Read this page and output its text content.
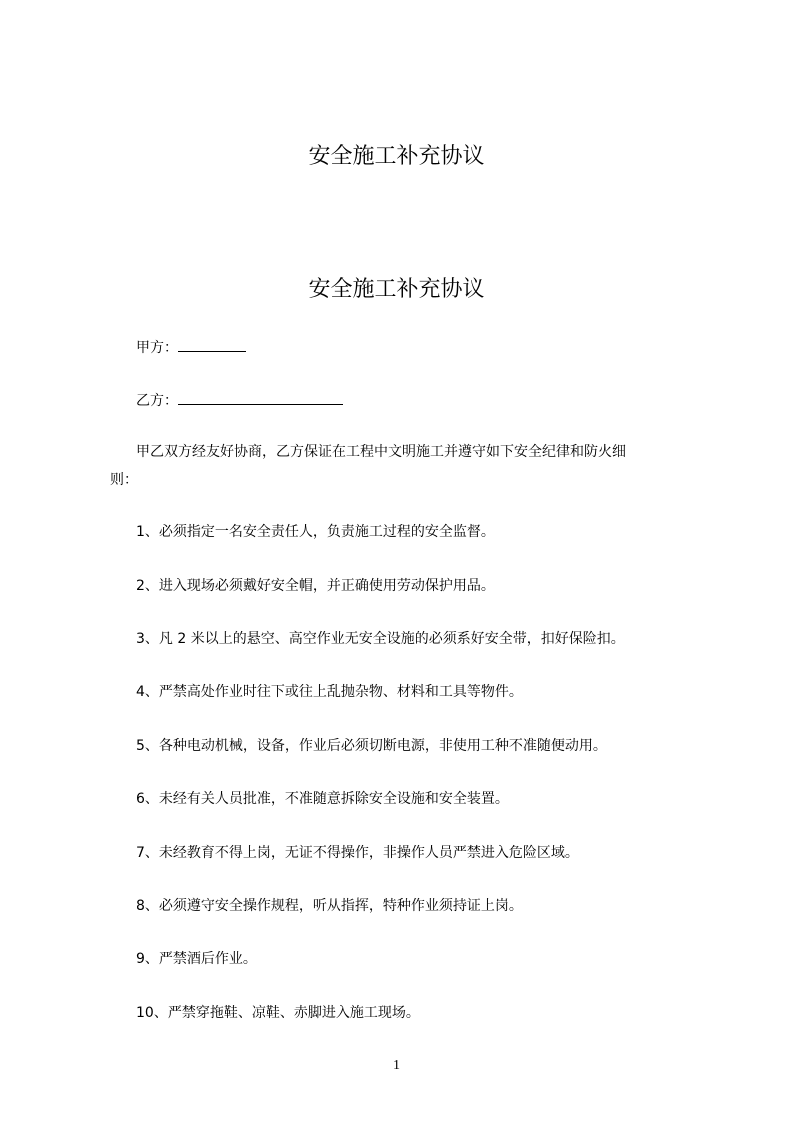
安全施工补充协议
安全施工补充协议
甲方：
乙方：
甲乙双方经友好协商，乙方保证在工程中文明施工并遵守如下安全纪律和防火细
则：
1、必须指定一名安全责任人，负责施工过程的安全监督。
2、进入现场必须戴好安全帽，并正确使用劳动保护用品。
3、凡 2 米以上的悬空、高空作业无安全设施的必须系好安全带，扣好保险扣。
4、严禁高处作业时往下或往上乱抛杂物、材料和工具等物件。
5、各种电动机械，设备，作业后必须切断电源，非使用工种不准随便动用。
6、未经有关人员批准，不准随意拆除安全设施和安全装置。
7、未经教育不得上岗，无证不得操作，非操作人员严禁进入危险区域。
8、必须遵守安全操作规程，听从指挥，特种作业须持证上岗。
9、严禁酒后作业。
10、严禁穿拖鞋、凉鞋、赤脚进入施工现场。
1
